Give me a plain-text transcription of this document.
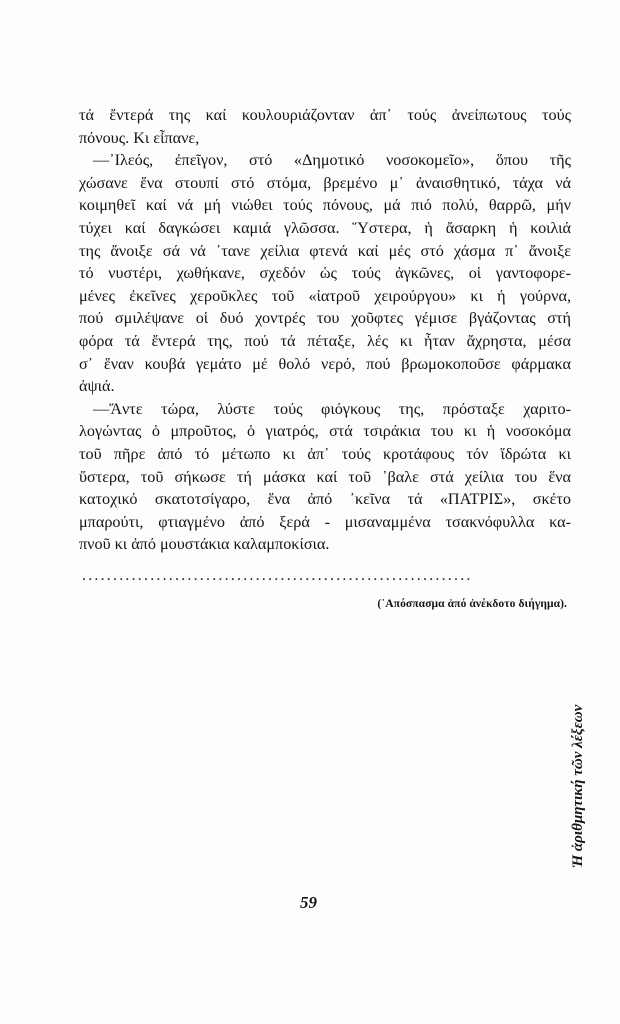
τά ἔντερά της καί κουλουριάζονταν ἀπ᾿ τούς ἀνείπωτους τούς
πόνους. Κι εἶπανε,
—᾿Ιλεός, ἐπεῖγον, στό «Δημοτικό νοσοκομεῖο», ὅπου τῆς
χώσανε ἕνα στουπί στό στόμα, βρεμένο μ᾿ ἀναισθητικό, τάχα νά
κοιμηθεῖ καί νά μή νιώθει τούς πόνους, μά πιό πολύ, θαρρῶ, μήν
τύχει καί δαγκώσει καμιά γλῶσσα. Ὕστερα, ἡ ἄσαρκη ἡ κοιλιά
της ἄνοιξε σά νά ᾿τανε χείλια φτενά καί μές στό χάσμα π᾿ ἄνοιξε
τό νυστέρι, χωθήκανε, σχεδόν ὡς τούς ἀγκῶνες, οἱ γαντοφορε-
μένες ἐκεῖνες χεροῦκλες τοῦ «ἰατροῦ χειρούργου» κι ἡ γούρνα,
πού σμιλέψανε οἱ δυό χοντρές του χοῦφτες γέμισε βγάζοντας στή
φόρα τά ἔντερά της, πού τά πέταξε, λές κι ἦταν ἄχρηστα, μέσα
σ᾿ ἕναν κουβά γεμάτο μέ θολό νερό, πού βρωμοκοποῦσε φάρμακα
ἀψιά.
—Ἄντε τώρα, λύστε τούς φιόγκους της, πρόσταξε χαριτο-
λογώντας ὁ μπροῦτος, ὁ γιατρός, στά τσιράκια του κι ἡ νοσοκόμα
τοῦ πῆρε ἀπό τό μέτωπο κι ἀπ᾿ τούς κροτάφους τόν ἵδρώτα κι
ὕστερα, τοῦ σήκωσε τή μάσκα καί τοῦ ᾿βαλε στά χείλια του ἕνα
κατοχικό σκατοτσίγαρο, ἕνα ἀπό ᾿κεῖνα τά «ΠΑΤΡΙΣ», σκέτο
μπαρούτι, φτιαγμένο ἀπό ξερά - μισαναμμένα τσακνόφυλλα κα-
πνοῦ κι ἀπό μουστάκια καλαμποκίσια.
...............................................................
(᾿Απόσπασμα ἀπό ἀνέκδοτο διήγημα).
Ἡ ἀριθμητική τῶν λέξεων
59
